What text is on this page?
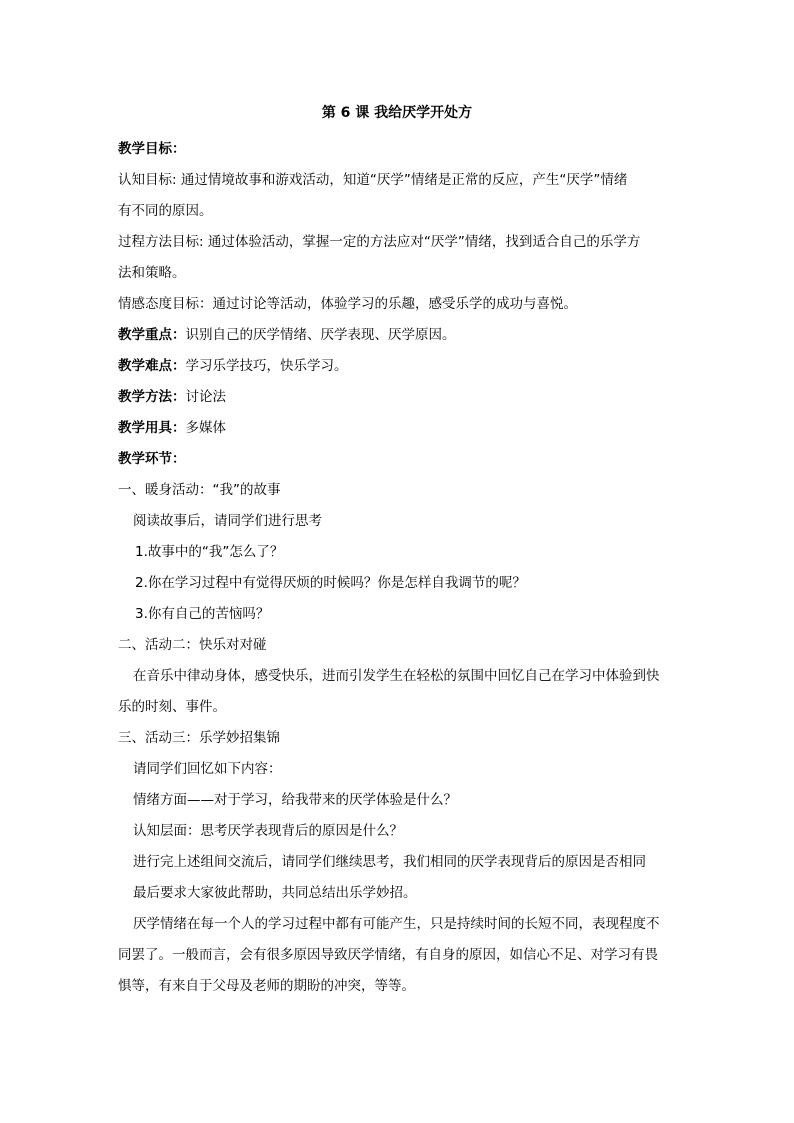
第 6 课 我给厌学开处方
教学目标：
认知目标: 通过情境故事和游戏活动，知道“厌学”情绪是正常的反应，产生“厌学”情绪
有不同的原因。
过程方法目标: 通过体验活动，掌握一定的方法应对“厌学”情绪，找到适合自己的乐学方
法和策略。
情感态度目标：通过讨论等活动，体验学习的乐趣，感受乐学的成功与喜悦。
教学重点：识别自己的厌学情绪、厌学表现、厌学原因。
教学难点：学习乐学技巧，快乐学习。
教学方法：讨论法
教学用具：多媒体
教学环节：
一、暖身活动：“我”的故事
阅读故事后，请同学们进行思考
1.故事中的“我”怎么了？
2.你在学习过程中有觉得厌烦的时候吗？你是怎样自我调节的呢？
3.你有自己的苦恼吗？
二、活动二：快乐对对碰
在音乐中律动身体，感受快乐，进而引发学生在轻松的氛围中回忆自己在学习中体验到快
乐的时刻、事件。
三、活动三：乐学妙招集锦
请同学们回忆如下内容：
情绪方面——对于学习，给我带来的厌学体验是什么？
认知层面：思考厌学表现背后的原因是什么？
进行完上述组间交流后，请同学们继续思考，我们相同的厌学表现背后的原因是否相同
最后要求大家彼此帮助，共同总结出乐学妙招。
厌学情绪在每一个人的学习过程中都有可能产生，只是持续时间的长短不同，表现程度不
同罢了。一般而言，会有很多原因导致厌学情绪，有自身的原因，如信心不足、对学习有畏
惧等，有来自于父母及老师的期盼的冲突，等等。
